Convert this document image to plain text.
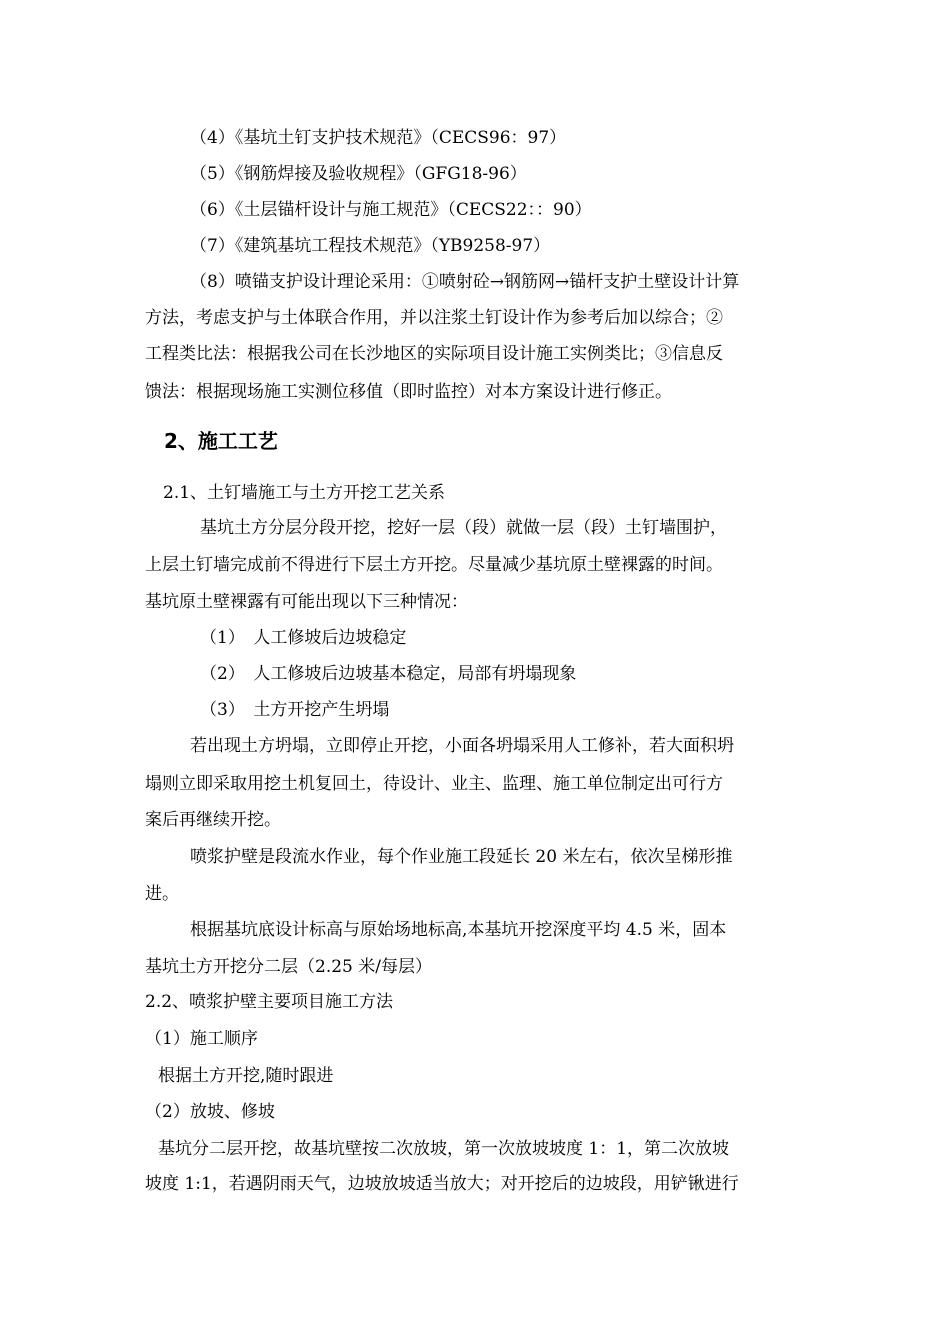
（4）《基坑土钉支护技术规范》（CECS96：97）
（5）《钢筋焊接及验收规程》（GFG18-96）
（6）《土层锚杆设计与施工规范》（CECS22：：90）
（7）《建筑基坑工程技术规范》（YB9258-97）
（8）喷锚支护设计理论采用：①喷射砼→钢筋网→锚杆支护土壁设计计算
方法，考虑支护与土体联合作用，并以注浆土钉设计作为参考后加以综合；②
工程类比法：根据我公司在长沙地区的实际项目设计施工实例类比；③信息反
馈法：根据现场施工实测位移值（即时监控）对本方案设计进行修正。
2、施工工艺
2.1、土钉墙施工与土方开挖工艺关系
基坑土方分层分段开挖，挖好一层（段）就做一层（段）土钉墙围护，
上层土钉墙完成前不得进行下层土方开挖。尽量减少基坑原土壁裸露的时间。
基坑原土壁裸露有可能出现以下三种情况：
（1）　人工修坡后边坡稳定
（2）　人工修坡后边坡基本稳定，局部有坍塌现象
（3）　土方开挖产生坍塌
若出现土方坍塌，立即停止开挖，小面各坍塌采用人工修补，若大面积坍
塌则立即采取用挖土机复回土，待设计、业主、监理、施工单位制定出可行方
案后再继续开挖。
喷浆护壁是段流水作业，每个作业施工段延长 20 米左右，依次呈梯形推
进。
根据基坑底设计标高与原始场地标高,本基坑开挖深度平均 4.5 米，固本
基坑土方开挖分二层（2.25 米/每层）
2.2、喷浆护壁主要项目施工方法
（1）施工顺序
根据土方开挖,随时跟进
（2）放坡、修坡
基坑分二层开挖，故基坑壁按二次放坡，第一次放坡坡度 1：1，第二次放坡
坡度 1:1，若遇阴雨天气，边坡放坡适当放大；对开挖后的边坡段，用铲锹进行
